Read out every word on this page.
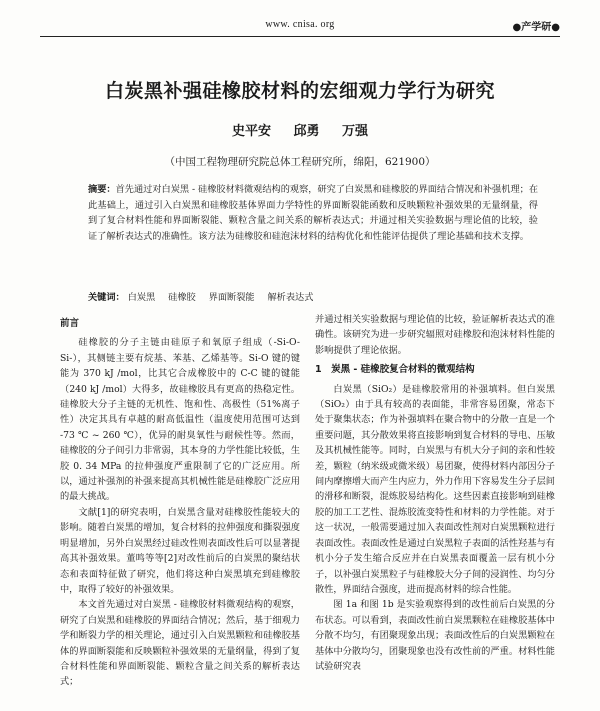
www. cnisa. org	●产学研●
白炭黑补强硅橡胶材料的宏细观力学行为研究
史平安 邱勇 万强
（中国工程物理研究院总体工程研究所，绵阳，621900）
摘要：首先通过对白炭黑 - 硅橡胶材料微观结构的观察，研究了白炭黑和硅橡胶的界面结合情况和补强机理；在此基础上，通过引入白炭黑和硅橡胶基体界面力学特性的界面断裂能函数和反映颗粒补强效果的无量纲量，得到了复合材料性能和界面断裂能、颗粒含量之间关系的解析表达式；并通过相关实验数据与理论值的比较，验证了解析表达式的准确性。该方法为硅橡胶和硅泡沫材料的结构优化和性能评估提供了理论基础和技术支撑。
关键词： 白炭黑 硅橡胶 界面断裂能 解析表达式
前言

硅橡胶的分子主链由硅原子和氧原子组成（-Si-O-Si-），其侧链主要有烷基、苯基、乙烯基等。Si-O 键的键能为 370 kJ /mol，比其它合成橡胶中的 C-C 键的键能（240 kJ /mol）大得多，故硅橡胶具有更高的热稳定性。硅橡胶大分子主链的无机性、饱和性、高极性（51%离子性）决定其具有卓越的耐高低温性（温度使用范围可达到 -73 ℃ ~ 260 ℃），优异的耐臭氧性与耐候性等。然而，硅橡胶的分子间引力非常弱，其本身的力学性能比较低，生胶 0. 34 MPa 的拉伸强度严重限制了它的广泛应用。所以，通过补强剂的补强来提高其机械性能是硅橡胶广泛应用的最大挑战。

文献[1]的研究表明，白炭黑含量对硅橡胶性能较大的影响。随着白炭黑的增加，复合材料的拉伸强度和撕裂强度明显增加，另外白炭黑经过硅改性则表面改性后可以显著提高其补强效果。董鸣等等[2]对改性前后的白炭黑的聚结状态和表面特征做了研究，他们将这种白炭黑填充到硅橡胶中，取得了较好的补强效果。

本文首先通过对白炭黑 - 硅橡胶材料微观结构的观察，研究了白炭黑和硅橡胶的界面结合情况；然后，基于细观力学和断裂力学的相关理论，通过引入白炭黑颗粒和硅橡胶基体的界面断裂能和反映颗粒补强效果的无量纲量，得到了复合材料性能和界面断裂能、颗粒含量之间关系的解析表达式；

并通过相关实验数据与理论值的比较，验证解析表达式的准确性。该研究为进一步研究辐照对硅橡胶和泡沫材料性能的影响提供了理论依据。

1　炭黑 - 硅橡胶复合材料的微观结构

白炭黑（SiO₂）是硅橡胶常用的补强填料。但白炭黑（SiO₂）由于具有较高的表面能，非常容易团聚，常态下处于聚集状态；作为补强填料在聚合物中的分散一直是一个重要问题，其分散效果将直接影响到复合材料的导电、压敏及其机械性能等。同时，白炭黑与有机大分子间的亲和性较差，颗粒（纳米级或微米级）易团聚，使得材料内部因分子间内摩擦增大而产生内应力，外力作用下容易发生分子层间的滑移和断裂，混炼胶易结构化。这些因素直接影响到硅橡胶的加工工艺性、混炼胶流变特性和材料的力学性能。对于这一状况，一般需要通过加入表面改性剂对白炭黑颗粒进行表面改性。表面改性是通过白炭黑粒子表面的活性羟基与有机小分子发生缩合反应并在白炭黑表面覆盖一层有机小分子，以补强白炭黑粒子与硅橡胶大分子间的浸润性、均匀分散性，界面结合强度，进而提高材料的综合性能。

图 1a 和图 1b 是实验观察得到的改性前后白炭黑的分布状态。可以看到，表面改性前白炭黑颗粒在硅橡胶基体中分散不均匀，有团聚现象出现；表面改性后的白炭黑颗粒在基体中分散均匀，团聚现象也没有改性前的严重。材料性能试验研究表
